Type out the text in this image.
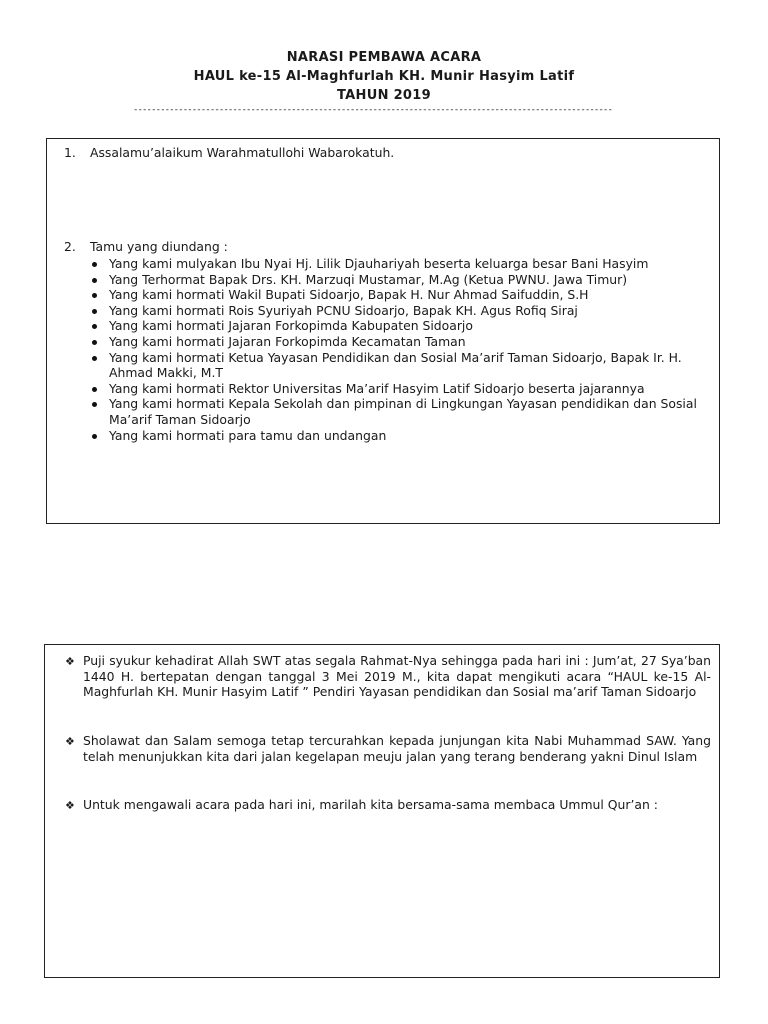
NARASI PEMBAWA ACARA
HAUL ke-15 Al-Maghfurlah KH. Munir Hasyim Latif
TAHUN 2019
----------------------------------------------------------------------------------------------------------
1. Assalamu’alaikum Warahmatullohi Wabarokatuh.
2. Tamu yang diundang :
Yang kami mulyakan Ibu Nyai Hj. Lilik Djauhariyah beserta keluarga besar Bani Hasyim
Yang Terhormat Bapak Drs. KH. Marzuqi Mustamar, M.Ag (Ketua PWNU. Jawa Timur)
Yang kami hormati Wakil Bupati Sidoarjo, Bapak H. Nur Ahmad Saifuddin, S.H
Yang kami hormati Rois Syuriyah PCNU Sidoarjo, Bapak KH. Agus Rofiq Siraj
Yang kami hormati Jajaran Forkopimda Kabupaten Sidoarjo
Yang kami hormati Jajaran Forkopimda Kecamatan Taman
Yang kami hormati Ketua Yayasan Pendidikan dan Sosial Ma’arif Taman Sidoarjo, Bapak Ir. H. Ahmad Makki, M.T
Yang kami hormati Rektor Universitas Ma’arif Hasyim Latif Sidoarjo beserta jajarannya
Yang kami hormati Kepala Sekolah dan pimpinan di Lingkungan Yayasan pendidikan dan Sosial Ma’arif Taman Sidoarjo
Yang kami hormati para tamu dan undangan
❖ Puji syukur kehadirat Allah SWT atas segala Rahmat-Nya sehingga pada hari ini : Jum’at, 27 Sya’ban 1440 H. bertepatan dengan tanggal 3 Mei 2019 M., kita dapat mengikuti acara “HAUL ke-15 Al-Maghfurlah KH. Munir Hasyim Latif ” Pendiri Yayasan pendidikan dan Sosial ma’arif Taman Sidoarjo
❖ Sholawat dan Salam semoga tetap tercurahkan kepada junjungan kita Nabi Muhammad SAW. Yang telah menunjukkan kita dari jalan kegelapan meuju jalan yang terang benderang yakni Dinul Islam
❖ Untuk mengawali acara pada hari ini, marilah kita bersama-sama membaca Ummul Qur’an :
